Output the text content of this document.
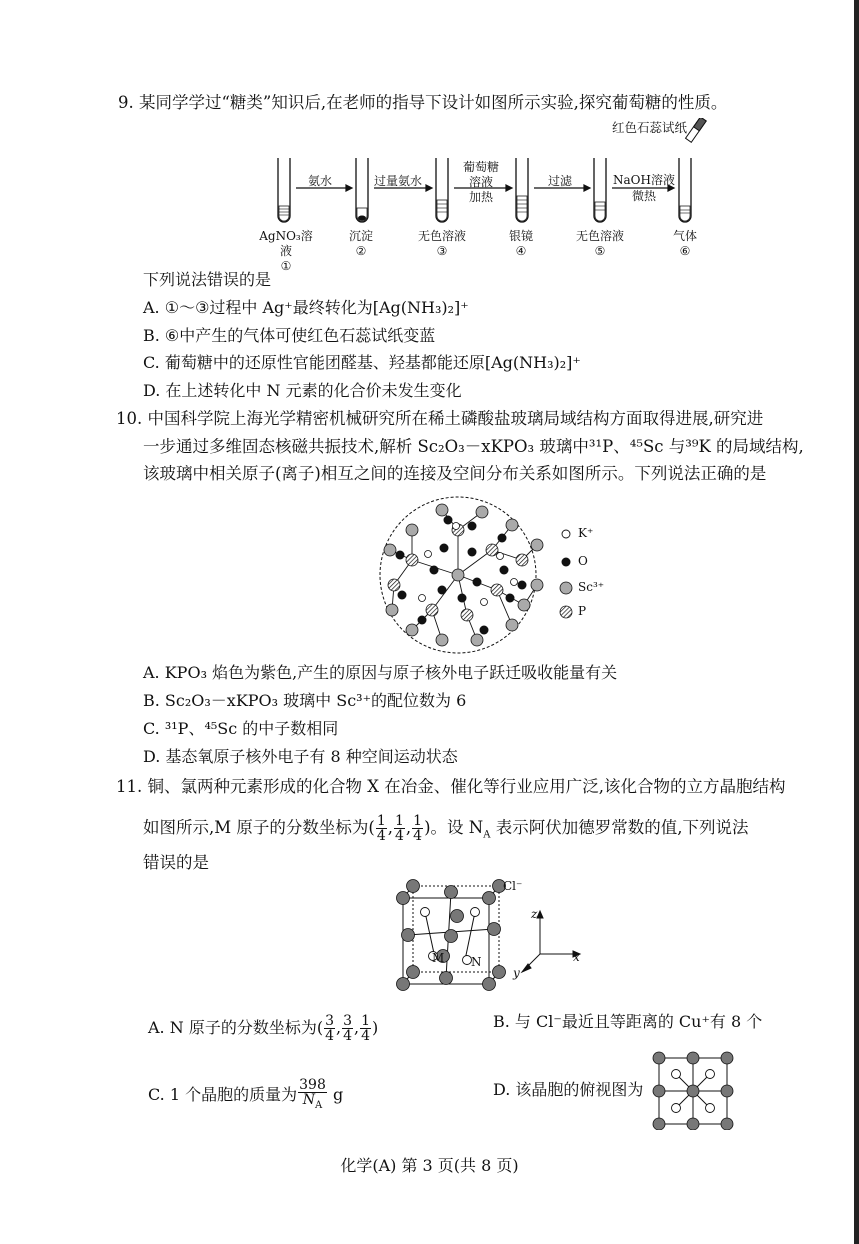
9. 某同学学过“糖类”知识后,在老师的指导下设计如图所示实验,探究葡萄糖的性质。
红色石蕊试纸
氨水	过量氨水
葡萄糖
溶液
加热
过滤	NaOH溶液
微热
AgNO₃溶液
①
沉淀
②
无色溶液
③
银镜
④
无色溶液
⑤
气体
⑥
下列说法错误的是
A. ①～③过程中 Ag⁺最终转化为[Ag(NH₃)₂]⁺
B. ⑥中产生的气体可使红色石蕊试纸变蓝
C. 葡萄糖中的还原性官能团醛基、羟基都能还原[Ag(NH₃)₂]⁺
D. 在上述转化中 N 元素的化合价未发生变化
10. 中国科学院上海光学精密机械研究所在稀土磷酸盐玻璃局域结构方面取得进展,研究进
一步通过多维固态核磁共振技术,解析 Sc₂O₃－xKPO₃ 玻璃中³¹P、⁴⁵Sc 与³⁹K 的局域结构,
该玻璃中相关原子(离子)相互之间的连接及空间分布关系如图所示。下列说法正确的是
K⁺
O
Sc³⁺
P
A. KPO₃ 焰色为紫色,产生的原因与原子核外电子跃迁吸收能量有关
B. Sc₂O₃－xKPO₃ 玻璃中 Sc³⁺的配位数为 6
C. ³¹P、⁴⁵Sc 的中子数相同
D. 基态氧原子核外电子有 8 种空间运动状态
11. 铜、氯两种元素形成的化合物 X 在冶金、催化等行业应用广泛,该化合物的立方晶胞结构
如图所示,M 原子的分数坐标为( $\frac{1}{4}$ , $\frac{1}{4}$ , $\frac{1}{4}$ )。设 $N_A$ 表示阿伏加德罗常数的值,下列说法
错误的是
Cl⁻
M N
z
y
x
A. N 原子的分数坐标为( $\frac{3}{4}$ , $\frac{3}{4}$ , $\frac{1}{4}$ )	B. 与 Cl⁻最近且等距离的 Cu⁺有 8 个
C. 1 个晶胞的质量为 $\frac{398}{N_A}$ g	D. 该晶胞的俯视图为
化学(A) 第 3 页(共 8 页)
